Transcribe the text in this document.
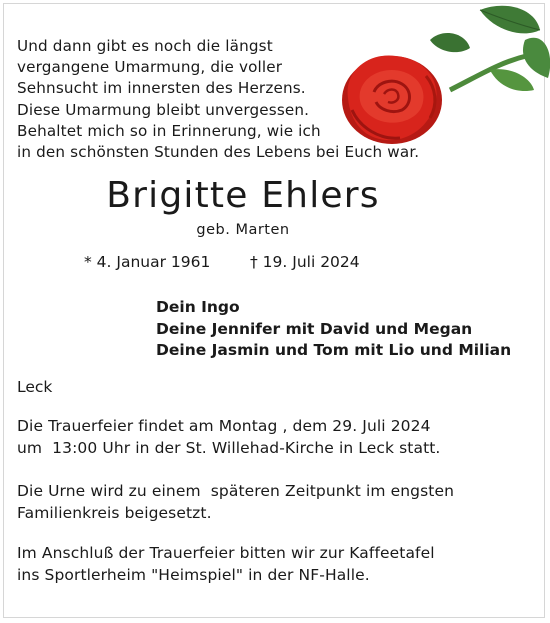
Und dann gibt es noch die längst
vergangene Umarmung, die voller
Sehnsucht im innersten des Herzens.
Diese Umarmung bleibt unvergessen.
Behaltet mich so in Erinnerung, wie ich
in den schönsten Stunden des Lebens bei Euch war.
Brigitte Ehlers
geb. Marten
* 4. Januar 1961	† 19. Juli 2024
Dein Ingo
Deine Jennifer mit David und Megan
Deine Jasmin und Tom mit Lio und Milian
Leck
Die Trauerfeier findet am Montag , dem 29. Juli 2024
um  13:00 Uhr in der St. Willehad-Kirche in Leck statt.
Die Urne wird zu einem  späteren Zeitpunkt im engsten
Familienkreis beigesetzt.
Im Anschluß der Trauerfeier bitten wir zur Kaffeetafel
ins Sportlerheim "Heimspiel" in der NF-Halle.
